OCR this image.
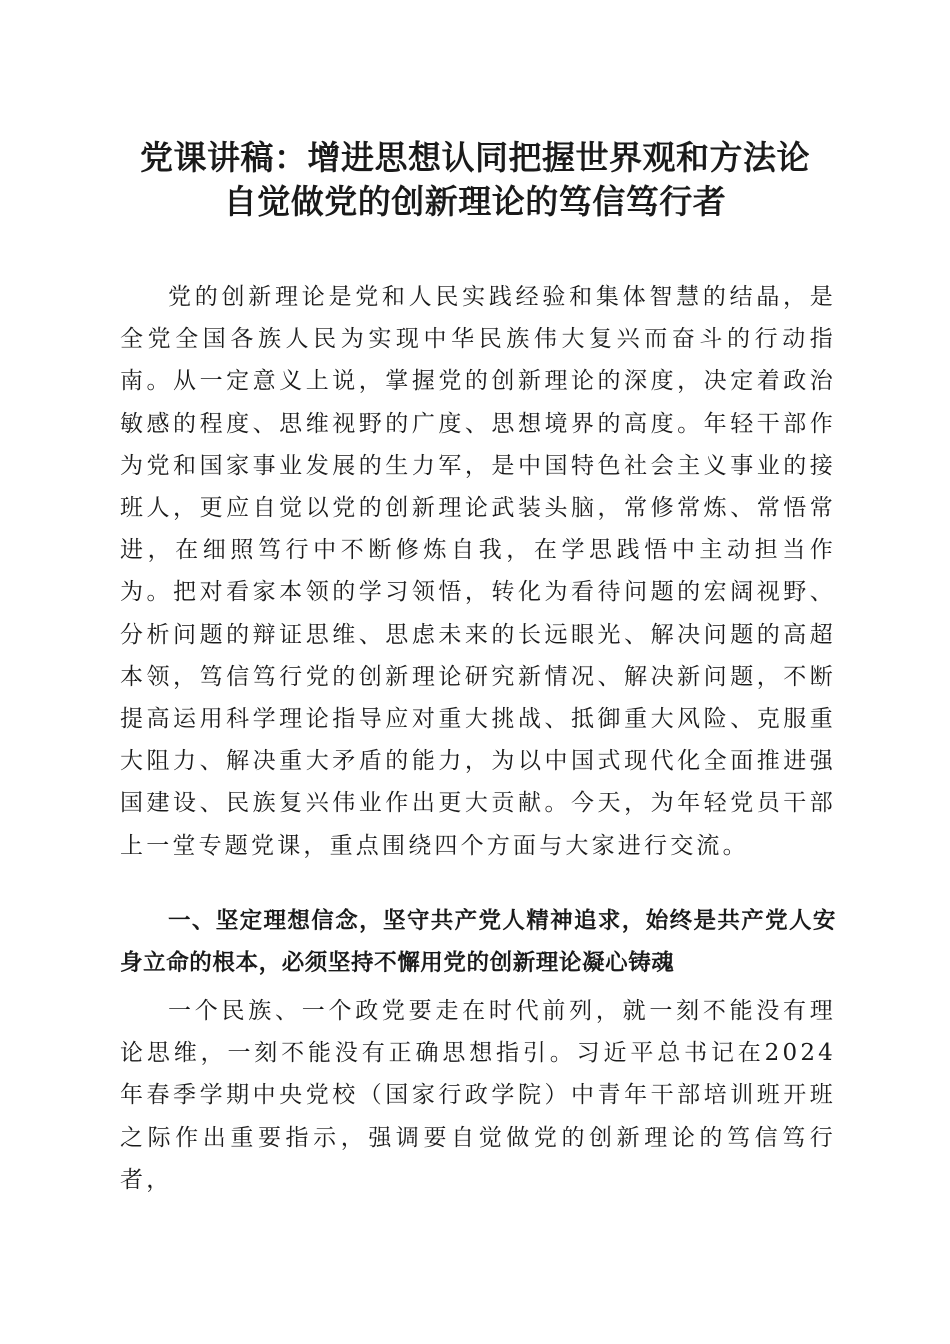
党课讲稿：增进思想认同把握世界观和方法论
自觉做党的创新理论的笃信笃行者

党的创新理论是党和人民实践经验和集体智慧的结晶，是全党全国各族人民为实现中华民族伟大复兴而奋斗的行动指南。从一定意义上说，掌握党的创新理论的深度，决定着政治敏感的程度、思维视野的广度、思想境界的高度。年轻干部作为党和国家事业发展的生力军，是中国特色社会主义事业的接班人，更应自觉以党的创新理论武装头脑，常修常炼、常悟常进，在细照笃行中不断修炼自我，在学思践悟中主动担当作为。把对看家本领的学习领悟，转化为看待问题的宏阔视野、分析问题的辩证思维、思虑未来的长远眼光、解决问题的高超本领，笃信笃行党的创新理论研究新情况、解决新问题，不断提高运用科学理论指导应对重大挑战、抵御重大风险、克服重大阻力、解决重大矛盾的能力，为以中国式现代化全面推进强国建设、民族复兴伟业作出更大贡献。今天，为年轻党员干部上一堂专题党课，重点围绕四个方面与大家进行交流。

一、坚定理想信念，坚守共产党人精神追求，始终是共产党人安身立命的根本，必须坚持不懈用党的创新理论凝心铸魂

一个民族、一个政党要走在时代前列，就一刻不能没有理论思维，一刻不能没有正确思想指引。习近平总书记在2024年春季学期中央党校（国家行政学院）中青年干部培训班开班之际作出重要指示，强调要自觉做党的创新理论的笃信笃行者，
